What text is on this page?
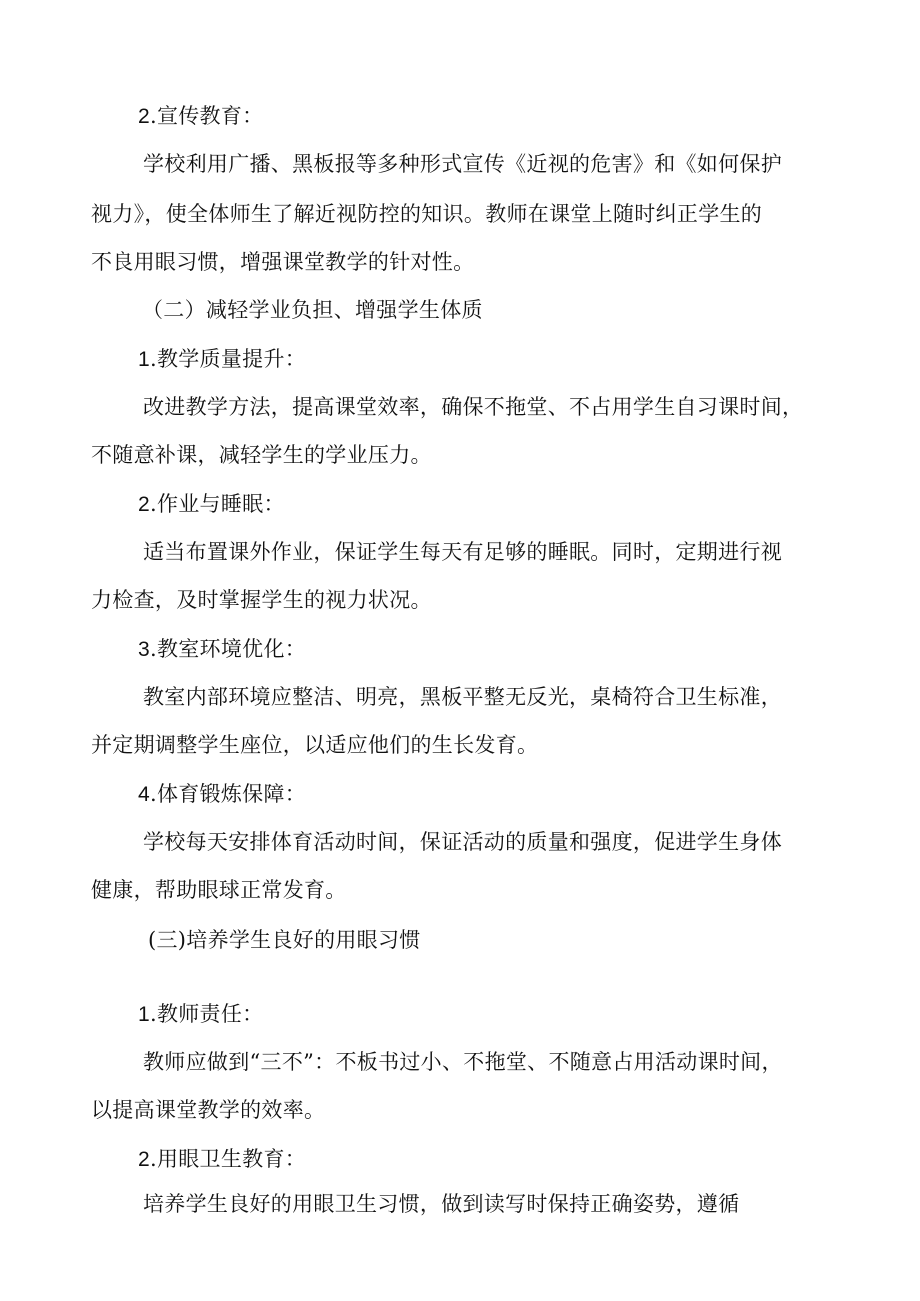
2.宣传教育：

学校利用广播、黑板报等多种形式宣传《近视的危害》和《如何保护

视力》，使全体师生了解近视防控的知识。教师在课堂上随时纠正学生的

不良用眼习惯，增强课堂教学的针对性。

（二）减轻学业负担、增强学生体质

1.教学质量提升：

改进教学方法，提高课堂效率，确保不拖堂、不占用学生自习课时间，

不随意补课，减轻学生的学业压力。

2.作业与睡眠：

适当布置课外作业，保证学生每天有足够的睡眠。同时，定期进行视

力检查，及时掌握学生的视力状况。

3.教室环境优化：

教室内部环境应整洁、明亮，黑板平整无反光，桌椅符合卫生标准，

并定期调整学生座位，以适应他们的生长发育。

4.体育锻炼保障：

学校每天安排体育活动时间，保证活动的质量和强度，促进学生身体

健康，帮助眼球正常发育。

(三)培养学生良好的用眼习惯

1.教师责任：

教师应做到“三不”：不板书过小、不拖堂、不随意占用活动课时间，

以提高课堂教学的效率。

2.用眼卫生教育：

培养学生良好的用眼卫生习惯，做到读写时保持正确姿势，遵循
